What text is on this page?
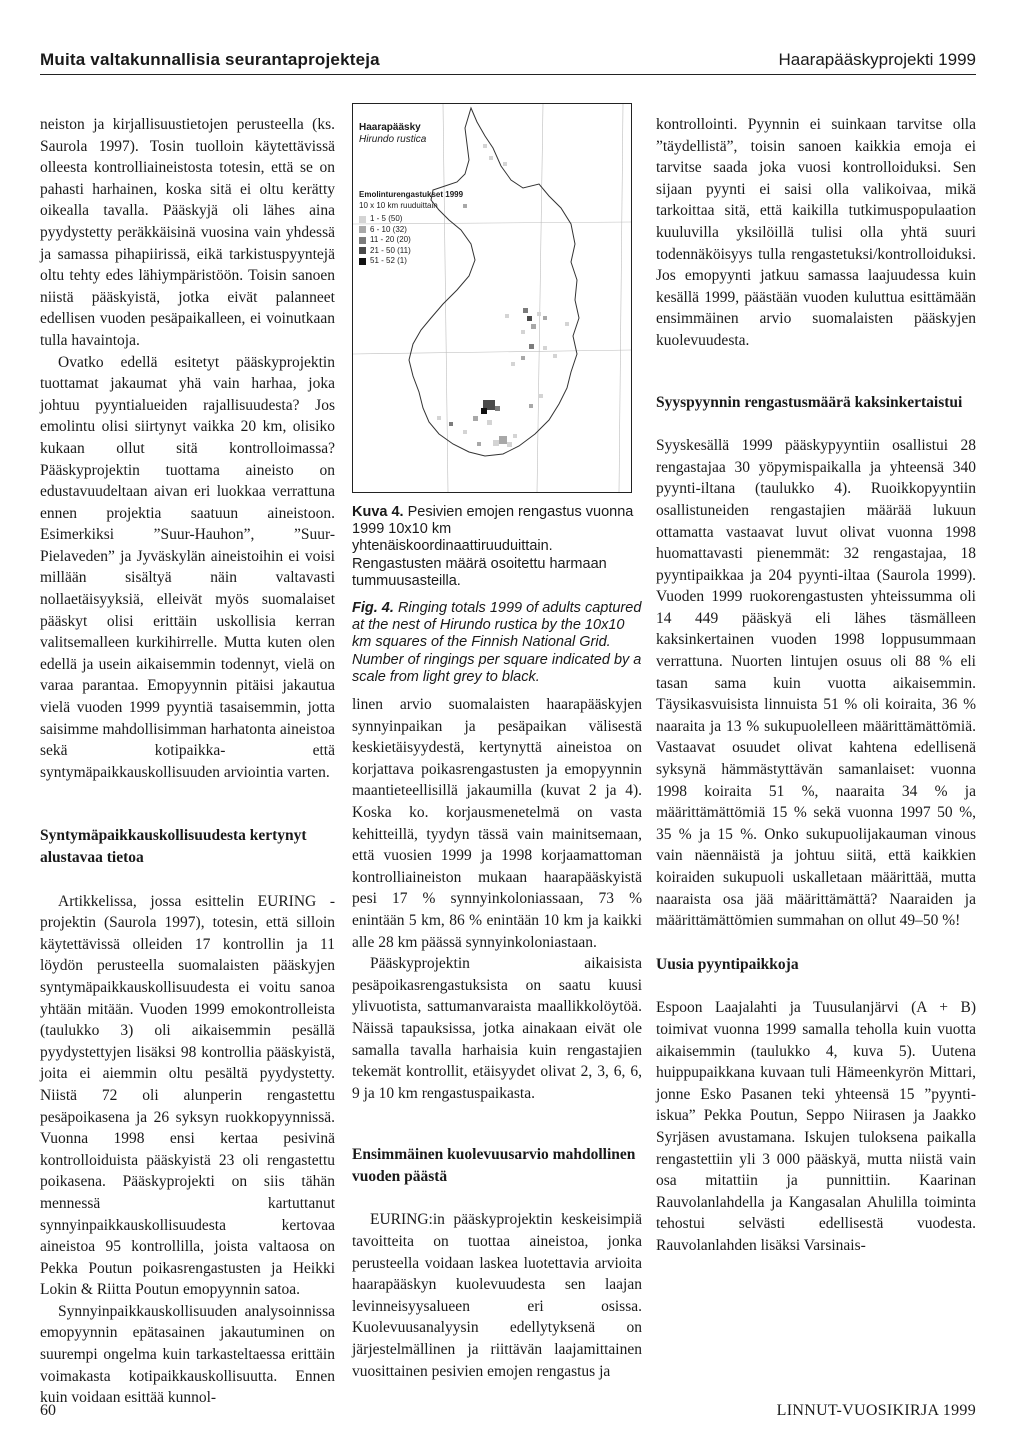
Muita valtakunnallisia seurantaprojekteja	Haarapääskyprojekti 1999

neiston ja kirjallisuustietojen perusteella (ks. Saurola 1997). Tosin tuolloin käytettävissä olleesta kontrolliaineistosta totesin, että se on pahasti harhainen, koska sitä ei oltu kerätty oikealla tavalla. Pääskyjä oli lähes aina pyydystetty peräkkäisinä vuosina vain yhdessä ja samassa pihapiirissä, eikä tarkistuspyyntejä oltu tehty edes lähiympäristöön. Toisin sanoen niistä pääskyistä, jotka eivät palanneet edellisen vuoden pesäpaikalleen, ei voinutkaan tulla havaintoja.

Ovatko edellä esitetyt pääskyprojektin tuottamat jakaumat yhä vain harhaa, joka johtuu pyyntialueiden rajallisuudesta? Jos emolintu olisi siirtynyt vaikka 20 km, olisiko kukaan ollut sitä kontrolloimassa? Pääskyprojektin tuottama aineisto on edustavuudeltaan aivan eri luokkaa verrattuna ennen projektia saatuun aineistoon. Esimerkiksi ”Suur-Hauhon”, ”Suur-Pielaveden” ja Jyväskylän aineistoihin ei voisi millään sisältyä näin valtavasti nollaetäisyyksiä, elleivät myös suomalaiset pääskyt olisi erittäin uskollisia kerran valitsemalleen kurkihirrelle. Mutta kuten olen edellä ja usein aikaisemmin todennyt, vielä on varaa parantaa. Emopyynnin pitäisi jakautua vielä vuoden 1999 pyyntiä tasaisemmin, jotta saisimme mahdollisimman harhatonta aineistoa sekä kotipaikka- että syntymäpaikkauskollisuuden arviointia varten.

Syntymäpaikkauskollisuudesta kertynyt alustavaa tietoa

Artikkelissa, jossa esittelin EURING -projektin (Saurola 1997), totesin, että silloin käytettävissä olleiden 17 kontrollin ja 11 löydön perusteella suomalaisten pääskyjen syntymäpaikkauskollisuudesta ei voitu sanoa yhtään mitään. Vuoden 1999 emokontrolleista (taulukko 3) oli aikaisemmin pesällä pyydystettyjen lisäksi 98 kontrollia pääskyistä, joita ei aiemmin oltu pesältä pyydystetty. Niistä 72 oli alunperin rengastettu pesäpoikasena ja 26 syksyn ruokkopyynnissä. Vuonna 1998 ensi kertaa pesivinä kontrolloiduista pääskyistä 23 oli rengastettu poikasena. Pääskyprojekti on siis tähän mennessä kartuttanut synnyinpaikkauskollisuudesta kertovaa aineistoa 95 kontrollilla, joista valtaosa on Pekka Poutun poikasrengastusten ja Heikki Lokin & Riitta Poutun emopyynnin satoa.

Synnyinpaikkauskollisuuden analysoinnissa emopyynnin epätasainen jakautuminen on suurempi ongelma kuin tarkasteltaessa erittäin voimakasta kotipaikkauskollisuutta. Ennen kuin voidaan esittää kunnol-

Haarapääsky
Hirundo rustica
Emolinturengastukset 1999
10 x 10 km ruuduittain
1 - 5 (50)
6 - 10 (32)
11 - 20 (20)
21 - 50 (11)
51 - 52 (1)

Kuva 4. Pesivien emojen rengastus vuonna 1999 10x10 km yhtenäiskoordinaattiruuduittain. Rengastusten määrä osoitettu harmaan tummuusasteilla.

Fig. 4. Ringing totals 1999 of adults captured at the nest of Hirundo rustica by the 10x10 km squares of the Finnish National Grid. Number of ringings per square indicated by a scale from light grey to black.

linen arvio suomalaisten haarapääskyjen synnyinpaikan ja pesäpaikan välisestä keskietäisyydestä, kertynyttä aineistoa on korjattava poikasrengastusten ja emopyynnin maantieteellisillä jakaumilla (kuvat 2 ja 4). Koska ko. korjausmenetelmä on vasta kehitteillä, tyydyn tässä vain mainitsemaan, että vuosien 1999 ja 1998 korjaamattoman kontrolliaineiston mukaan haarapääskyistä pesi 17 % synnyinkoloniassaan, 73 % enintään 5 km, 86 % enintään 10 km ja kaikki alle 28 km päässä synnyinkoloniastaan.

Pääskyprojektin aikaisista pesäpoikasrengastuksista on saatu kuusi ylivuotista, sattumanvaraista maallikkolöytöä. Näissä tapauksissa, jotka ainakaan eivät ole samalla tavalla harhaisia kuin rengastajien tekemät kontrollit, etäisyydet olivat 2, 3, 6, 6, 9 ja 10 km rengastuspaikasta.

Ensimmäinen kuolevuusarvio mahdollinen vuoden päästä

EURING:in pääskyprojektin keskeisimpiä tavoitteita on tuottaa aineistoa, jonka perusteella voidaan laskea luotettavia arvioita haarapääskyn kuolevuudesta sen laajan levinneisyysalueen eri osissa. Kuolevuusanalyysin edellytyksenä on järjestelmällinen ja riittävän laajamittainen vuosittainen pesivien emojen rengastus ja

kontrollointi. Pyynnin ei suinkaan tarvitse olla ”täydellistä”, toisin sanoen kaikkia emoja ei tarvitse saada joka vuosi kontrolloiduksi. Sen sijaan pyynti ei saisi olla valikoivaa, mikä tarkoittaa sitä, että kaikilla tutkimuspopulaation kuuluvilla yksilöillä tulisi olla yhtä suuri todennäköisyys tulla rengastetuksi/kontrolloiduksi. Jos emopyynti jatkuu samassa laajuudessa kuin kesällä 1999, päästään vuoden kuluttua esittämään ensimmäinen arvio suomalaisten pääskyjen kuolevuudesta.

Syyspyynnin rengastusmäärä kaksinkertaistui

Syyskesällä 1999 pääskypyyntiin osallistui 28 rengastajaa 30 yöpymispaikalla ja yhteensä 340 pyynti-iltana (taulukko 4). Ruoikkopyyntiin osallistuneiden rengastajien määrää lukuun ottamatta vastaavat luvut olivat vuonna 1998 huomattavasti pienemmät: 32 rengastajaa, 18 pyyntipaikkaa ja 204 pyynti-iltaa (Saurola 1999). Vuoden 1999 ruokorengastusten yhteissumma oli 14 449 pääskyä eli lähes täsmälleen kaksinkertainen vuoden 1998 loppusummaan verrattuna. Nuorten lintujen osuus oli 88 % eli tasan sama kuin vuotta aikaisemmin. Täysikasvuisista linnuista 51 % oli koiraita, 36 % naaraita ja 13 % sukupuolelleen määrittämättömiä. Vastaavat osuudet olivat kahtena edellisenä syksynä hämmästyttävän samanlaiset: vuonna 1998 koiraita 51 %, naaraita 34 % ja määrittämättömiä 15 % sekä vuonna 1997 50 %, 35 % ja 15 %. Onko sukupuolijakauman vinous vain näennäistä ja johtuu siitä, että kaikkien koiraiden sukupuoli uskalletaan määrittää, mutta naaraista osa jää määrittämättä? Naaraiden ja määrittämättömien summahan on ollut 49–50 %!

Uusia pyyntipaikkoja

Espoon Laajalahti ja Tuusulanjärvi (A + B) toimivat vuonna 1999 samalla teholla kuin vuotta aikaisemmin (taulukko 4, kuva 5). Uutena huippupaikkana kuvaan tuli Hämeenkyrön Mittari, jonne Esko Pasanen teki yhteensä 15 ”pyynti-iskua” Pekka Poutun, Seppo Niirasen ja Jaakko Syrjäsen avustamana. Iskujen tuloksena paikalla rengastettiin yli 3 000 pääskyä, mutta niistä vain osa mitattiin ja punnittiin. Kaarinan Rauvolanlahdella ja Kangasalan Ahulilla toiminta tehostui selvästi edellisestä vuodesta. Rauvolanlahden lisäksi Varsinais-

60	LINNUT-VUOSIKIRJA 1999
